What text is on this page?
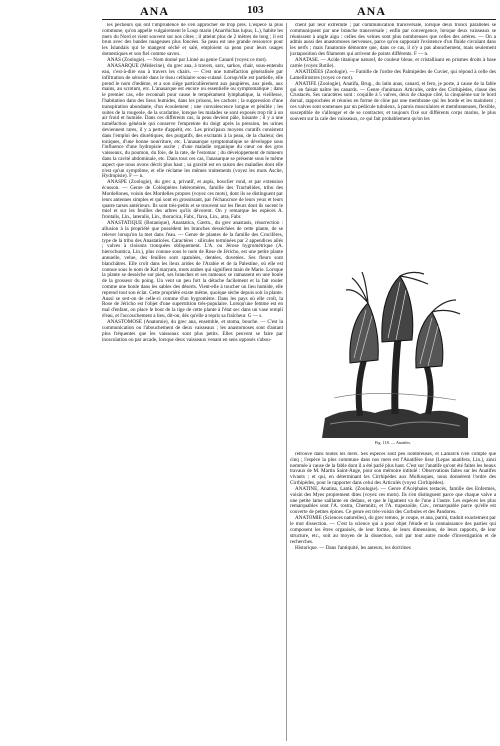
ANA	103	ANA

les pêcheurs qui ont l'imprudence de s'en approcher de trop près. L'espèce la plus commune, qu'on appelle vulgairement le Loup marin (Anarrhichas lupus, L.), habite les mers du Nord et vient souvent sur nos côtes ; il atteint plus de 2 mètres de long ; il est brun avec des bandes nuageuses plus foncées. Sa peau est une grande ressource pour les Islandais qui le mangent séché et salé, emploient sa peau pour leurs usages domestiques et son fiel comme savon.

ANAS (Zoologie). — Nom donné par Linné au genre Canard (voyez ce mot).

ANASARQUE (Médecine), du grec ana, à travers, sarx, sarkos, chair, sous-entendu eau, c'est-à-dire eau à travers les chairs. — C'est une tuméfaction généralisée par infiltration de sérosité dans le tissu cellulaire sous-cutané. Lorsqu'elle est partielle, elle prend le nom d'œdème, et a son siége particulièrement aux paupières, aux pieds, aux mains, au scrotum, etc. L'anasarque est encore ou essentielle ou symptomatique ; dans le premier cas, elle reconnaît pour cause le tempérament lymphatique, la vieillesse, l'habitation dans des lieux humides, dans les prisons, les cachots ; la suppression d'une transpiration abondante, d'un écoulement ; une convalescence longue et pénible ; les suites de la rougeole, de la scarlatine, lorsque les malades se sont exposés trop tôt à un air froid et humide. Dans ces différents cas, la peau devient pâle, luisante ; il y a une tuméfaction générale qui conserve l'empreinte du doigt après la pression, les urines deviennent rares, il y a perte d'appétit, etc. Les principaux moyens curatifs consistent dans l'emploi des diurétiques, des purgatifs, des excitants à la peau, de la chaleur, des toniques, d'une bonne nourriture, etc. L'anasarque symptomatique se développe sous l'influence d'une hydropisie ascite ; d'une maladie organique du cœur ou des gros vaisseaux, du poumon, du foie, de la rate, de l'estomac ; du développement de tumeurs dans la cavité abdominale, etc. Dans tous ces cas, l'anasarque se présente sous le même aspect que nous avons décrit plus haut ; sa gravité est en raison des maladies dont elle n'est qu'un symptôme, et elle réclame les mêmes traitements (voyez les mots Ascite, Hydropisie). F — n.

ANASPE (Zoologie), du grec a, privatif, et aspis, bouclier rond, et par extension écusson. — Genre de Coléoptères hétéromères, famille des Trachélides, tribu des Mordellones, voisin des Mordelles propres (voyez ces mots), dont ils se distinguent par leurs antennes simples et qui sont en grossissant, par l'échancrure de leurs yeux et leurs quatre tarses antérieurs. Ils sont très-petits et se trouvent sur les fleurs dont ils sucent le miel et sur les feuilles des arbres qu'ils dévorent. On y remarque les espèces A. frontalis, Lin., lateralis, Lin., thoracica, Fabr., flava, Lin., atra, Fabr.

ANASTATIQUE (Botanique), Anastatica, Gærtn., du grec anastasis, résurrection : allusion à la propriété que possèdent les branches desséchées de cette plante, de se relever lorsqu'on la met dans l'eau. — Genre de plantes de la famille des Crucifères, type de la tribu des Anastaticées. Caractères : silicules terminées par 2 appendices ailés ; valves à cloisons tronquées obliquement. L'A. ou Jérose hygrométrique (A. hierochuntica, Lin.), plus connue sous le nom de Rose de Jéricho, est une petite plante annuelle, velue, des feuilles sont spatulées, dentées, duvetées. Ses fleurs sont blanchâtres. Elle croît dans les lieux arides de l'Arabie et de la Palestine, où elle est connue sous le nom de Kaf maryam, mots arabes qui signifient main de Marie. Lorsque la plante se dessèche sur pied, ses branches et ses rameaux se ramassent en une boule de la grosseur du poing. Un vent un peu fort la détache facilement et la fait rouler comme une boule dans les sables des déserts. Vient-elle à toucher un lieu humide, elle reprend tout son éclat. Cette propriété existe même, quoique sèche depuis soit la plante. Aussi se sert-on de celle-ci comme d'un hygromètre. Dans les pays où elle croît, la Rose de Jéricho est l'objet d'une superstition très-populaire. Lorsqu'une femme est en mal d'enfant, on place le bout de la tige de cette plante à l'état sec dans un vase rempli d'eau, et l'accouchement a lieu, dit-on, dès qu'elle a repris sa fraîcheur. G — s.

ANASTOMOSE (Anatomie), du grec ana, ensemble, et stoma, bouche. — C'est la communication ou l'abouchement de deux vaisseaux ; les anastomoses sont d'autant plus fréquentes que les vaisseaux sont plus petits. Elles peuvent se faire par inosculation ou par arcade, lorsque deux vaisseaux venant en sens opposés s'abou-

chent par leur extrémité ; par communication transversale, lorsque deux troncs parallèles se communiquent par une branche transversale ; enfin par convergence, lorsque deux vaisseaux se réunissent à angle aigu : celles des veines sont plus nombreuses que celles des artères. — On a admis aussi des anastomoses nerveuses, parce qu'on supposait l'existence d'un fluide circulant dans les nerfs ; mais l'anatomie démontre que, dans ce cas, il n'y a pas abouchement, mais seulement juxtaposition des filaments qui arrivent de points différents. F — n.

ANATASE. — Acide titanique naturel, de couleur bleue, et cristallisant en prismes droits à base carrée (voyez Rutile).

ANATIDÉES (Zoologie). — Famille de l'ordre des Palmipèdes de Cuvier, qui répond à celle des Lamellirostres (voyez ce mot).

ANATIFE (Zoologie), Anatifa, Brug., du latin anas, canard, et fero, je porte, à cause de la fable qui en faisait naître les canards. — Genre d'animaux Articulés, ordre des Cirrhipèdes, classe des Crustacés. Ses caractères sont : coquille à 5 valves, deux de chaque côté, la cinquième sur le bord dorsal, rapprochées et réunies en forme de cône par une membrane qui les borde et les maintient ; ces valves sont soutenues par un pédicule tubuleux, à parois musculaires et membraneuses, flexible, susceptible de s'allonger et de se contracter, et toujours fixé sur différents corps marins, le plus souvent sur la cale des vaisseaux, ce qui fait probablement qu'on les

Fig. 118. — Anatifes.

retrouve dans toutes les mers. Ses espèces sont peu nombreuses, et Lamarck n'en compte que cinq ; l'espèce la plus commune dans nos mers est l'Anatifère lisse (Lepas anatifera, Lin.), ainsi nommée à cause de la fable dont il a été parlé plus haut. C'est sur l'anatife qu'ont été faites les beaux travaux de M. Martin Saint-Ange, pour son mémoire intitulé : Observations faites sur les Anatifes vivants ; et qui, en déterminant les Cirrhipèdes aux Mollusques, nous donnèrent l'ordre des Cirrhipèdes, pour le rapporter dans celui des Articulés (voyez Cirrhipèdes).

ANATINE, Anatina, Lamk. (Zoologie). — Genre d'Acéphales testacés, famille des Enfermés, voisin des Myes proprement dites (voyez ces mots). Ils s'en distinguent parce que chaque valve a une petite lame saillante en dedans, et que le ligament va de l'une à l'autre. Les espèces les plus remarquables sont l'A. rostra, Chemnitz, et l'A. trapezoïde, Cuv., remarquable parce qu'elle est couverte de petites épines. Ce genre est très-voisin des Corbules et des Pandores.

ANATOMIE (Sciences naturelles), du grec temno, je coupe, et ana, parmi, traduit exactement par le mot dissection. — C'est la science qui a pour objet l'étude et la connaissance des parties qui composent les êtres organisés, de leur forme, de leurs dimensions, de leurs rapports, de leur structure, etc., soit au moyen de la dissection, soit par tout autre mode d'investigation et de recherches.

Historique. — Dans l'antiquité, les auteurs, les doctrines
